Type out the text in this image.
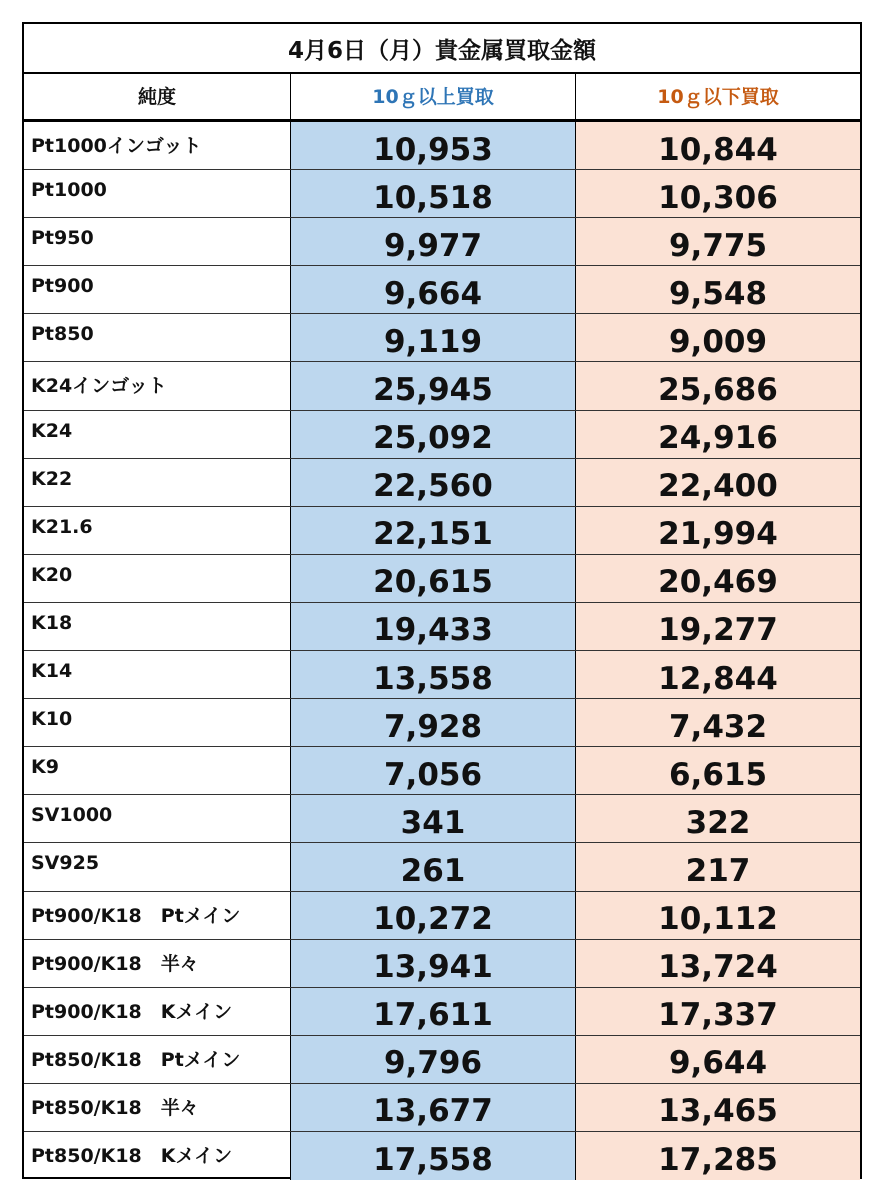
4月6日（月）貴金属買取金額
純度	10ｇ以上買取	10ｇ以下買取
Pt1000インゴット	10,953	10,844
Pt1000	10,518	10,306
Pt950	9,977	9,775
Pt900	9,664	9,548
Pt850	9,119	9,009
K24インゴット	25,945	25,686
K24	25,092	24,916
K22	22,560	22,400
K21.6	22,151	21,994
K20	20,615	20,469
K18	19,433	19,277
K14	13,558	12,844
K10	7,928	7,432
K9	7,056	6,615
SV1000	341	322
SV925	261	217
Pt900/K18　Ptメイン	10,272	10,112
Pt900/K18　半々	13,941	13,724
Pt900/K18　Kメイン	17,611	17,337
Pt850/K18　Ptメイン	9,796	9,644
Pt850/K18　半々	13,677	13,465
Pt850/K18　Kメイン	17,558	17,285
